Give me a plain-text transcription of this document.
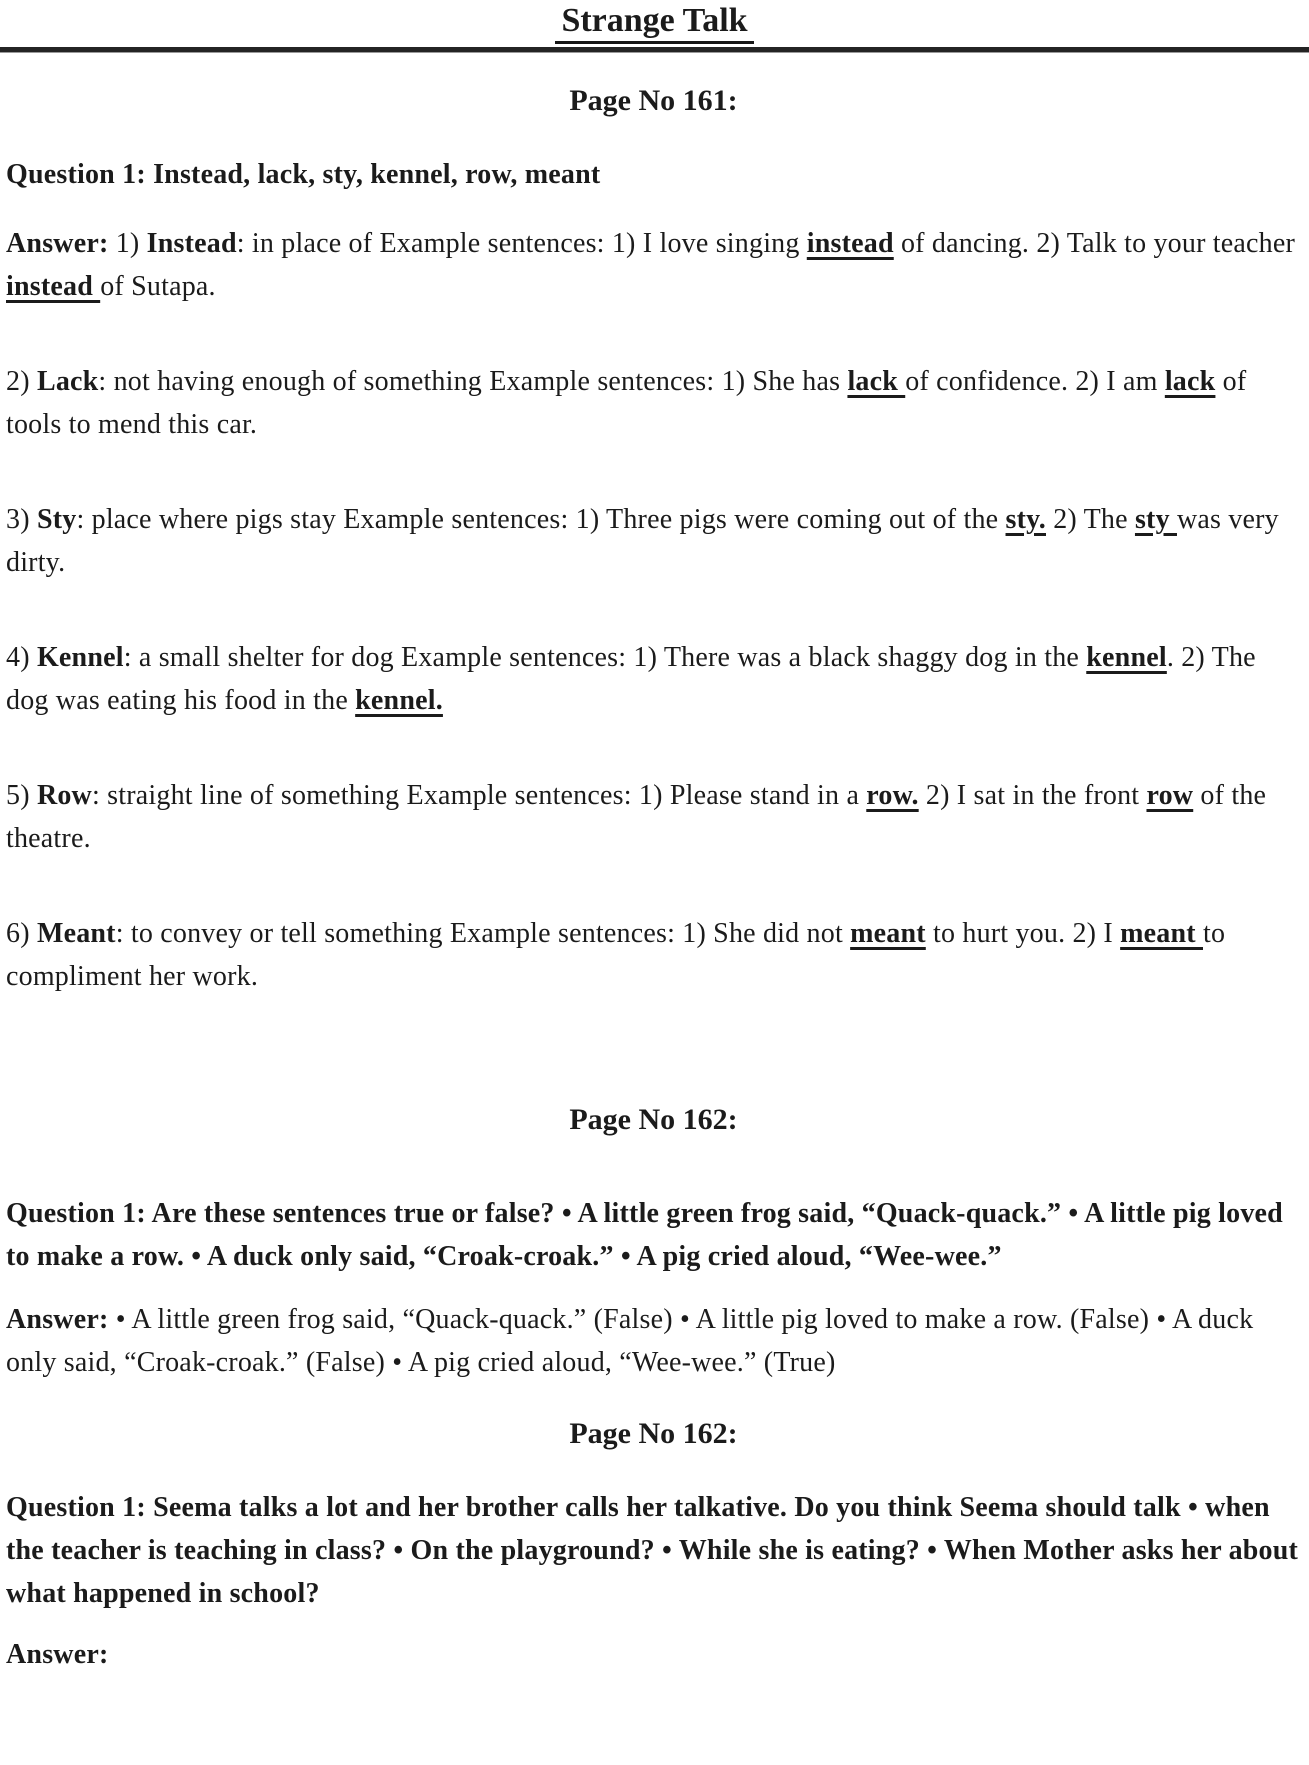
Strange Talk
Page No 161:
Question 1: Instead, lack, sty, kennel, row, meant
Answer: 1) Instead: in place of Example sentences: 1) I love singing instead of dancing. 2) Talk to your teacher instead of Sutapa.
2) Lack: not having enough of something Example sentences: 1) She has lack of confidence. 2) I am lack of tools to mend this car.
3) Sty: place where pigs stay Example sentences: 1) Three pigs were coming out of the sty. 2) The sty was very dirty.
4) Kennel: a small shelter for dog Example sentences: 1) There was a black shaggy dog in the kennel. 2) The dog was eating his food in the kennel.
5) Row: straight line of something Example sentences: 1) Please stand in a row. 2) I sat in the front row of the theatre.
6) Meant: to convey or tell something Example sentences: 1) She did not meant to hurt you. 2) I meant to compliment her work.
Page No 162:
Question 1: Are these sentences true or false? • A little green frog said, “Quack-quack.” • A little pig loved to make a row. • A duck only said, “Croak-croak.” • A pig cried aloud, “Wee-wee.”
Answer: • A little green frog said, “Quack-quack.” (False) • A little pig loved to make a row. (False) • A duck only said, “Croak-croak.” (False) • A pig cried aloud, “Wee-wee.” (True)
Page No 162:
Question 1: Seema talks a lot and her brother calls her talkative. Do you think Seema should talk • when the teacher is teaching in class? • On the playground? • While she is eating? • When Mother asks her about what happened in school?
Answer:
